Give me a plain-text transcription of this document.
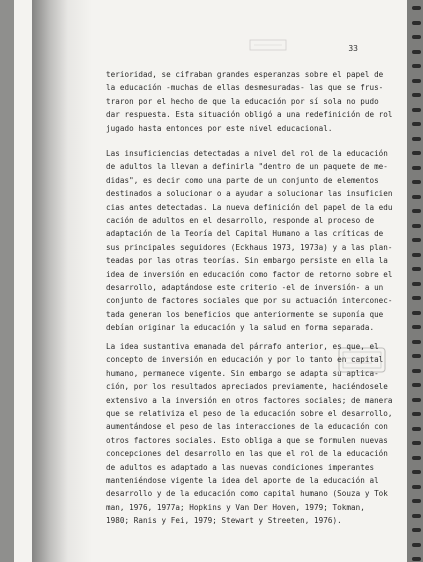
33
terioridad, se cifraban grandes esperanzas sobre el papel de
la educación -muchas de ellas desmesuradas- las que se frus-
traron por el hecho de que la educación por sí sola no pudo
dar respuesta. Esta situación obligó a una redefinición de rol
jugado hasta entonces por este nivel educacional.
Las insuficiencias detectadas a nivel del rol de la educación
de adultos la llevan a definirla "dentro de un paquete de me-
didas", es decir como una parte de un conjunto de elementos
destinados a solucionar o a ayudar a solucionar las insuficien
cias antes detectadas. La nueva definición del papel de la edu
cación de adultos en el desarrollo, responde al proceso de
adaptación de la Teoría del Capital Humano a las críticas de
sus principales seguidores (Eckhaus 1973, 1973a) y a las plan-
teadas por las otras teorías. Sin embargo persiste en ella la
idea de inversión en educación como factor de retorno sobre el
desarrollo, adaptándose este criterio -el de inversión- a un
conjunto de factores sociales que por su actuación interconec-
tada generan los beneficios que anteriormente se suponía que
debían originar la educación y la salud en forma separada.
La idea sustantiva emanada del párrafo anterior, es que, el
concepto de inversión en educación y por lo tanto en capital
humano, permanece vigente. Sin embargo se adapta su aplica-
ción, por los resultados apreciados previamente, haciéndosele
extensivo a la inversión en otros factores sociales; de manera
que se relativiza el peso de la educación sobre el desarrollo,
aumentándose el peso de las interacciones de la educación con
otros factores sociales. Esto obliga a que se formulen nuevas
concepciones del desarrollo en las que el rol de la educación
de adultos es adaptado a las nuevas condiciones imperantes
manteniéndose vigente la idea del aporte de la educación al
desarrollo y de la educación como capital humano (Souza y Tok
man, 1976, 1977a; Hopkins y Van Der Hoven, 1979; Tokman,
1980; Ranis y Fei, 1979; Stewart y Streeten, 1976).
